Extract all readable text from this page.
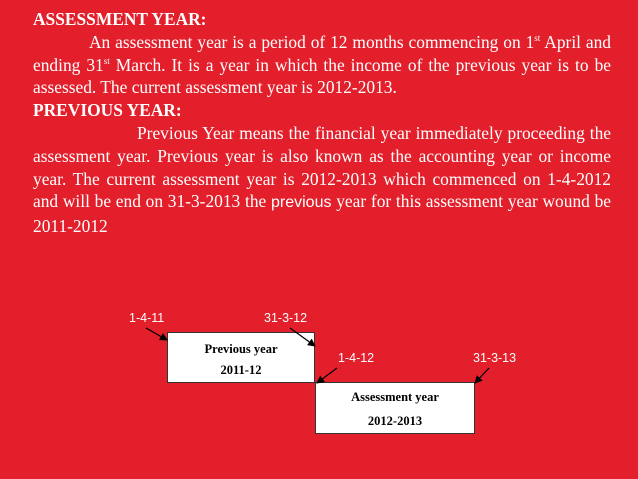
ASSESSMENT YEAR:
An assessment year is a period of 12 months commencing on 1st April and ending 31st March. It is a year in which the income of the previous year is to be assessed. The current assessment year is 2012-2013.
PREVIOUS YEAR:
Previous Year means the financial year immediately proceeding the assessment year. Previous year is also known as the accounting year or income year. The current assessment year is 2012-2013 which commenced on 1-4-2012 and will be end on 31-3-2013 the previous year for this assessment year wound be 2011-2012
1-4-11	31-3-12
1-4-12	31-3-13
Previous year
2011-12
Assessment year
2012-2013
